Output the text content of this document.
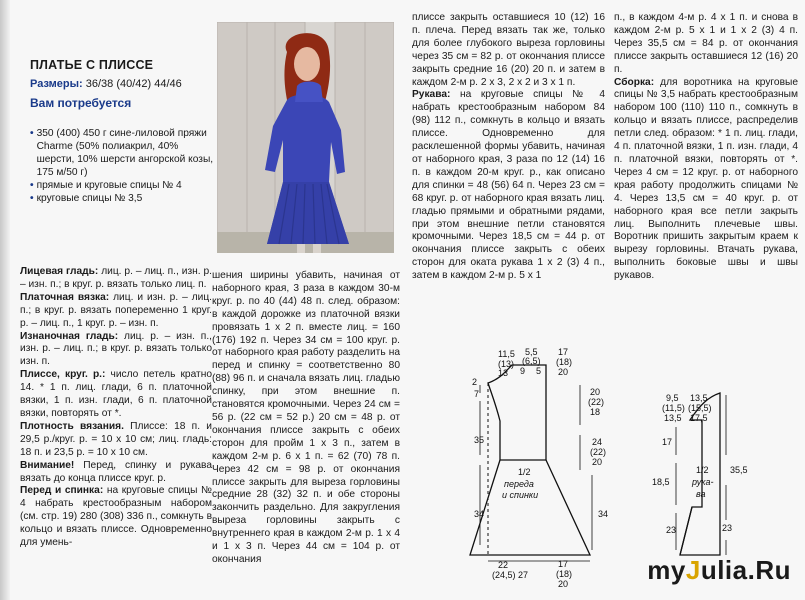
ПЛАТЬЕ С ПЛИССЕ
Размеры: 36/38 (40/42) 44/46
Вам потребуется
• 350 (400) 450 г сине-лиловой пряжи Charme (50% полиакрил, 40% шерсти, 10% шерсти ангорской козы, 175 м/50 г)
• прямые и круговые спицы № 4
• круговые спицы № 3,5

Лицевая гладь: лиц. р. – лиц. п., изн. р. – изн. п.; в круг. р. вязать только лиц. п.

Платочная вязка: лиц. и изн. р. – лиц. п.; в круг. р. вязать попеременно 1 круг. р. – лиц. п., 1 круг. р. – изн. п.

Изнаночная гладь: лиц. р. – изн. п., изн. р. – лиц. п.; в круг. р. вязать только изн. п.

Плиссе, круг. р.: число петель кратно 14. * 1 п. лиц. глади, 6 п. платочной вязки, 1 п. изн. глади, 6 п. платочной вязки, повторять от *.

Плотность вязания. Плиссе: 18 п. и 29,5 р./круг. р. = 10 х 10 см; лиц. гладь: 18 п. и 23,5 р. = 10 х 10 см.

Внимание! Перед, спинку и рукава вязать до конца плиссе круг. р.

Перед и спинка: на круговые спицы № 4 набрать крестообразным набором (см. стр. 19) 280 (308) 336 п., сомкнуть в кольцо и вязать плиссе. Одновременно для умень-

шения ширины убавить, начиная от наборного края, 3 раза в каждом 30-м круг. р. по 40 (44) 48 п. след. образом: в каждой дорожке из платочной вязки провязать 1 х 2 п. вместе лиц. = 160 (176) 192 п. Через 34 см = 100 круг. р. от наборного края работу разделить на перед и спинку = соответственно 80 (88) 96 п. и сначала вязать лиц. гладью спинку, при этом внешние п. становятся кромочными. Через 24 см = 56 р. (22 см = 52 р.) 20 см = 48 р. от окончания плиссе закрыть с обеих сторон для пройм 1 х 3 п., затем в каждом 2-м р. 6 х 1 п. = 62 (70) 78 п. Через 42 см = 98 р. от окончания плиссе закрыть для выреза горловины средние 28 (32) 32 п. и обе стороны закончить раздельно. Для закругления выреза горловины закрыть с внутреннего края в каждом 2-м р. 1 х 4 и 1 х 3 п. Через 44 см = 104 р. от окончания

плиссе закрыть оставшиеся 10 (12) 16 п. плеча. Перед вязать так же, только для более глубокого выреза горловины через 35 см = 82 р. от окончания плиссе закрыть средние 16 (20) 20 п. и затем в каждом 2-м р. 2 х 3, 2 х 2 и 3 х 1 п.

Рукава: на круговые спицы № 4 набрать крестообразным набором 84 (98) 112 п., сомкнуть в кольцо и вязать плиссе. Одновременно для расклешенной формы убавить, начиная от наборного края, 3 раза по 12 (14) 16 п. в каждом 20-м круг. р., как описано для спинки = 48 (56) 64 п. Через 23 см = 68 круг. р. от наборного края вязать лиц. гладью прямыми и обратными рядами, при этом внешние петли становятся кромочными. Через 18,5 см = 44 р. от окончания плиссе закрыть с обеих сторон для окатa рукава 1 х 2 (3) 4 п., затем в каждом 2-м р. 5 х 1

п., в каждом 4-м р. 4 х 1 п. и снова в каждом 2-м р. 5 х 1 и 1 х 2 (3) 4 п. Через 35,5 см = 84 р. от окончания плиссе закрыть оставшиеся 12 (16) 20 п.

Сборка: для воротника на круговые спицы № 3,5 набрать крестообразным набором 100 (110) 110 п., сомкнуть в кольцо и вязать плиссе, распределив петли след. образом: * 1 п. лиц. глади, 4 п. платочной вязки, 1 п. изн. глади, 4 п. платочной вязки, повторять от *. Через 4 см = 12 круг. р. от наборного края работу продолжить спицами № 4. Через 13,5 см = 40 круг. р. от наборного края все петли закрыть лиц. Выполнить плечевые швы. Воротник пришить закрытым краем к вырезу горловины. Втачать рукава, выполнить боковые швы и швы рукавов.

11,5
(13)
13
5,5
(6,5)
9 5
17
(18)
20
2
7	20
(22)
18
35	24
(22)
20
1/2
переда
и спинки
34	34
22
(24,5) 27
17
(18)
20
9,5
(11,5)
13,5
13,5
(15,5)
17,5
17
35,5
18,5
1/2
рука-
ва
23	23
myJulia.Ru
